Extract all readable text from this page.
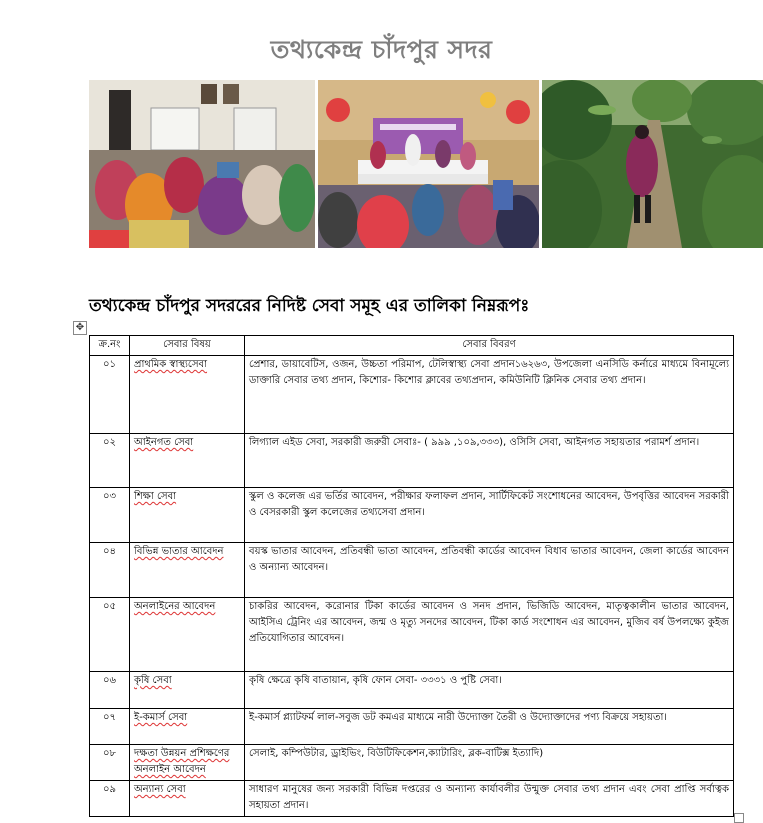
তথ্যকেন্দ্র চাঁদপুর সদর
তথ্যকেন্দ্র চাঁদপুর সদররের নিদিষ্ট সেবা সমূহ এর তালিকা নিম্নরূপঃ
✥
ক্র.নং	সেবার বিষয়	সেবার বিবরণ
০১	প্রাথমিক স্বাস্থ্যসেবা	প্রেশার, ডায়াবেটিস, ওজন, উচ্চতা পরিমাপ, টেলিস্বাস্থ্য সেবা প্রদান১৬২৬৩, উপজেলা এনসিডি কর্নারে মাধ্যমে বিনামূল্যে ডাক্তারি সেবার তথ্য প্রদান, কিশোর- কিশোর ক্লাবের তথ্যপ্রদান, কমিউনিটি ক্লিনিক সেবার তথ্য প্রদান।
০২	আইনগত সেবা	লিগ্যাল এইড সেবা, সরকারী জরুরী সেবাঃ- ( ৯৯৯ ,১০৯,৩৩৩), ওসিসি সেবা, আইনগত সহায়তার পরামর্শ প্রদান।
০৩	শিক্ষা সেবা	স্কুল ও কলেজ এর ভর্তির আবেদন, পরীক্ষার ফলাফল প্রদান, সার্টিফিকেট সংশোধনের আবেদন, উপবৃত্তির আবেদন সরকারী ও বেসরকারী স্কুল কলেজের তথ্যসেবা প্রদান।
০৪	বিভিন্ন ভাতার আবেদন	বয়স্ক ভাতার আবেদন, প্রতিবন্ধী ভাতা আবেদন, প্রতিবন্ধী কার্ডের আবেদন বিধাব ভাতার আবেদন, জেলা কার্ডের আবেদন ও অন্যান্য আবেদন।
০৫	অনলাইনের আবেদন	চাকরির আবেদন, করোনার টিকা কার্ডের আবেদন ও সনদ প্রদান, ভিজিডি আবেদন, মাতৃত্বকালীন ভাতার আবেদন, আইসিএ ট্রেনিং এর আবেদন, জন্ম ও মৃত্যু সনদের আবেদন, টিকা কার্ড সংশোধন এর আবেদন, মুজিব বর্ষ উপলক্ষ্যে কুইজ প্রতিযোগিতার আবেদন।
০৬	কৃষি সেবা	কৃষি ক্ষেত্রে কৃষি বাতায়ান, কৃষি ফোন সেবা- ৩৩৩১ ও পুষ্টি সেবা।
০৭	ই-কমার্স সেবা	ই-কমার্স প্ল্যাটফর্ম লাল-সবুজ ডট কমএর মাধ্যমে নারী উদ্যোক্তা তৈরী ও উদ্যোক্তাদের পণ্য বিক্রয়ে সহায়তা।
০৮	দক্ষতা উন্নয়ন প্রশিক্ষণের অনলাইন আবেদন	সেলাই, কম্পিউটার, ড্রাইভিং, বিউটিফিকেশন,ক্যাটারিং, ব্লক-বাটিক্স ইত্যাদি)
০৯	অন্যান্য সেবা	সাধারণ মানুষের জন্য সরকারী বিভিন্ন দপ্তরের ও অন্যান্য কার্যাবলীর উন্মুক্ত সেবার তথ্য প্রদান এবং সেবা প্রাপ্তি সর্বাত্বক সহায়তা প্রদান।
